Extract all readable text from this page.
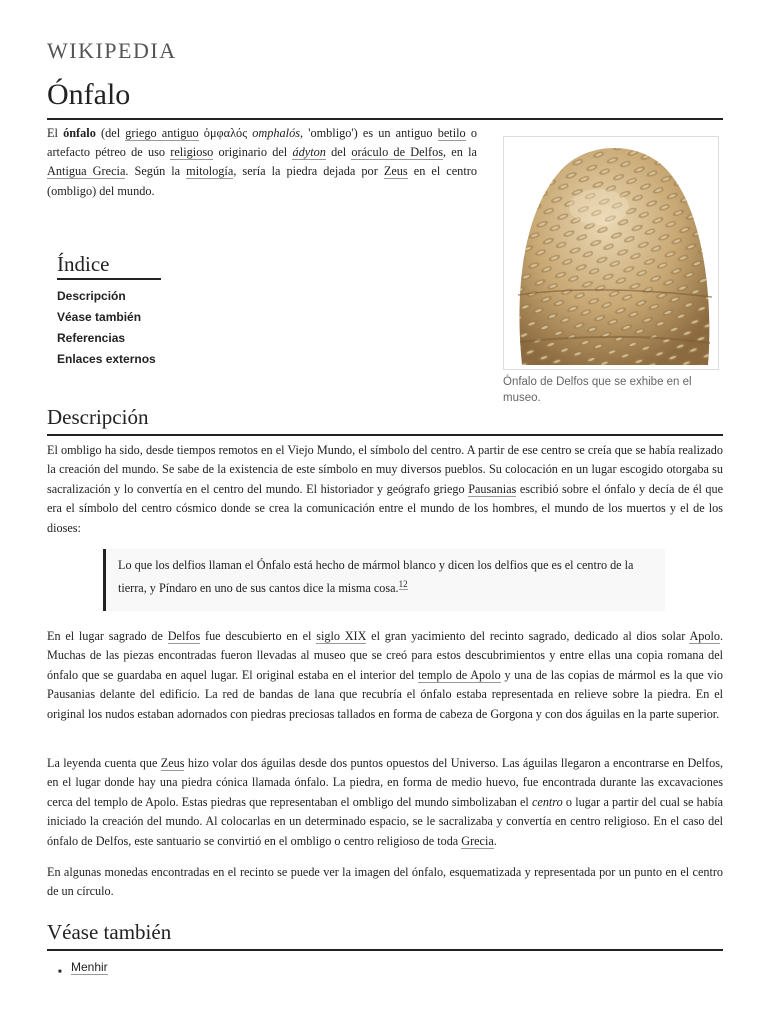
WIKIPEDIA
Ónfalo

El ónfalo (del griego antiguo ὀμφαλός omphalós, 'ombligo') es un antiguo betilo o artefacto pétreo de uso religioso originario del ádyton del oráculo de Delfos, en la Antigua Grecia. Según la mitología, sería la piedra dejada por Zeus en el centro (ombligo) del mundo.

Ónfalo de Delfos que se exhibe en el museo.
Índice
Descripción
Véase también
Referencias
Enlaces externos
Descripción

El ombligo ha sido, desde tiempos remotos en el Viejo Mundo, el símbolo del centro. A partir de ese centro se creía que se había realizado la creación del mundo. Se sabe de la existencia de este símbolo en muy diversos pueblos. Su colocación en un lugar escogido otorgaba su sacralización y lo convertía en el centro del mundo. El historiador y geógrafo griego Pausanias escribió sobre el ónfalo y decía de él que era el símbolo del centro cósmico donde se crea la comunicación entre el mundo de los hombres, el mundo de los muertos y el de los dioses:

Lo que los delfios llaman el Ónfalo está hecho de mármol blanco y dicen los delfios que es el centro de la tierra, y Píndaro en uno de sus cantos dice la misma cosa.$^{12}$

En el lugar sagrado de Delfos fue descubierto en el siglo XIX el gran yacimiento del recinto sagrado, dedicado al dios solar Apolo. Muchas de las piezas encontradas fueron llevadas al museo que se creó para estos descubrimientos y entre ellas una copia romana del ónfalo que se guardaba en aquel lugar. El original estaba en el interior del templo de Apolo y una de las copias de mármol es la que vio Pausanias delante del edificio. La red de bandas de lana que recubría el ónfalo estaba representada en relieve sobre la piedra. En el original los nudos estaban adornados con piedras preciosas tallados en forma de cabeza de Gorgona y con dos águilas en la parte superior.

La leyenda cuenta que Zeus hizo volar dos águilas desde dos puntos opuestos del Universo. Las águilas llegaron a encontrarse en Delfos, en el lugar donde hay una piedra cónica llamada ónfalo. La piedra, en forma de medio huevo, fue encontrada durante las excavaciones cerca del templo de Apolo. Estas piedras que representaban el ombligo del mundo simbolizaban el centro o lugar a partir del cual se había iniciado la creación del mundo. Al colocarlas en un determinado espacio, se le sacralizaba y convertía en centro religioso. En el caso del ónfalo de Delfos, este santuario se convirtió en el ombligo o centro religioso de toda Grecia.

En algunas monedas encontradas en el recinto se puede ver la imagen del ónfalo, esquematizada y representada por un punto en el centro de un círculo.

Véase también
■ Menhir
